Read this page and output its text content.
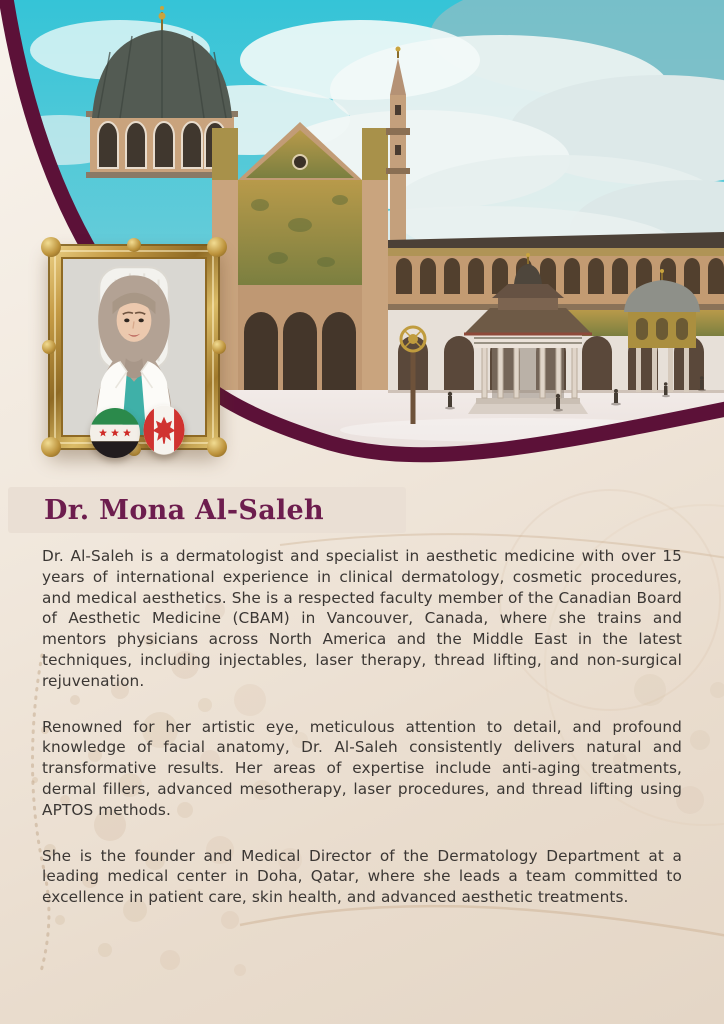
Dr. Mona Al-Saleh

Dr. Al-Saleh is a dermatologist and specialist in aesthetic medicine with over 15 years of international experience in clinical dermatology, cosmetic procedures, and medical aesthetics. She is a respected faculty member of the Canadian Board of Aesthetic Medicine (CBAM) in Vancouver, Canada, where she trains and mentors physicians across North America and the Middle East in the latest techniques, including injectables, laser therapy, thread lifting, and non-surgical rejuvenation.

Renowned for her artistic eye, meticulous attention to detail, and profound knowledge of facial anatomy, Dr. Al-Saleh consistently delivers natural and transformative results. Her areas of expertise include anti-aging treatments, dermal fillers, advanced mesotherapy, laser procedures, and thread lifting using APTOS methods.

She is the founder and Medical Director of the Dermatology Department at a leading medical center in Doha, Qatar, where she leads a team committed to excellence in patient care, skin health, and advanced aesthetic treatments.
